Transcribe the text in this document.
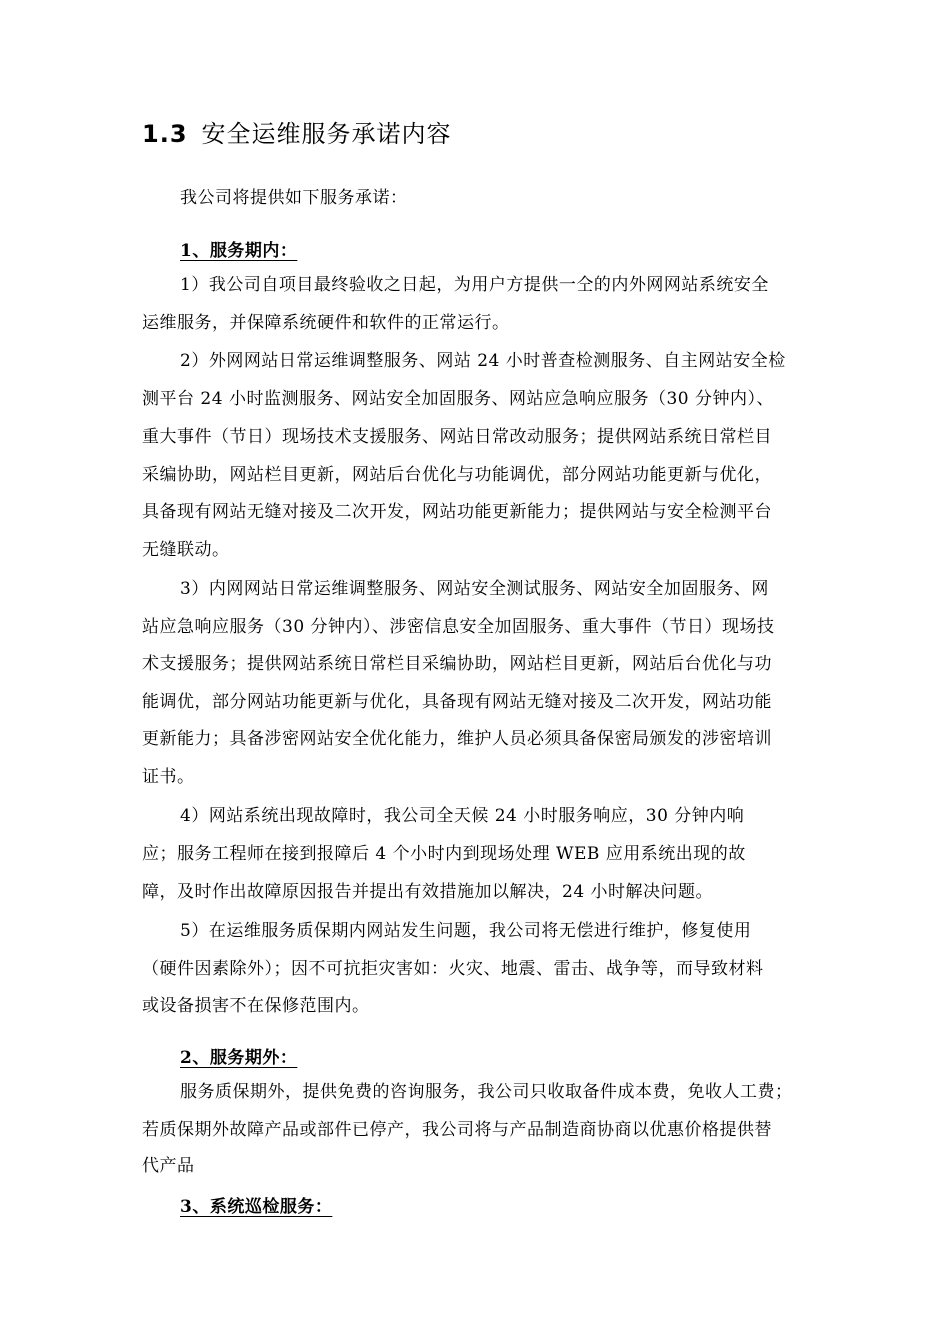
1.3 安全运维服务承诺内容
我公司将提供如下服务承诺：
1、服务期内：
1）我公司自项目最终验收之日起，为用户方提供一仝的内外网网站系统安全
运维服务，并保障系统硬件和软件的正常运行。
2）外网网站日常运维调整服务、网站 24 小时普查检测服务、自主网站安全检
测平台 24 小时监测服务、网站安全加固服务、网站应急响应服务（30 分钟内）、
重大事件（节日）现场技术支援服务、网站日常改动服务；提供网站系统日常栏目
采编协助，网站栏目更新，网站后台优化与功能调优，部分网站功能更新与优化，
具备现有网站无缝对接及二次开发，网站功能更新能力；提供网站与安全检测平台
无缝联动。
3）内网网站日常运维调整服务、网站安全测试服务、网站安全加固服务、网
站应急响应服务（30 分钟内）、涉密信息安全加固服务、重大事件（节日）现场技
术支援服务；提供网站系统日常栏目采编协助，网站栏目更新，网站后台优化与功
能调优，部分网站功能更新与优化，具备现有网站无缝对接及二次开发，网站功能
更新能力；具备涉密网站安全优化能力，维护人员必须具备保密局颁发的涉密培训
证书。
4）网站系统出现故障时，我公司全天候 24 小时服务响应，30 分钟内响
应；服务工程师在接到报障后 4 个小时内到现场处理 WEB 应用系统出现的故
障，及时作出故障原因报告并提出有效措施加以解决，24 小时解决问题。
5）在运维服务质保期内网站发生问题，我公司将无偿进行维护，修复使用
（硬件因素除外）；因不可抗拒灾害如：火灾、地震、雷击、战争等，而导致材料
或设备损害不在保修范围内。
2、服务期外：
服务质保期外，提供免费的咨询服务，我公司只收取备件成本费，免收人工费；
若质保期外故障产品或部件已停产，我公司将与产品制造商协商以优惠价格提供替
代产品
3、系统巡检服务：
